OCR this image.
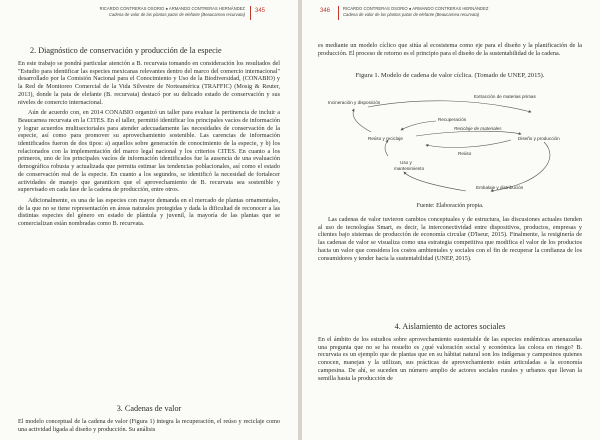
RICARDO CONTRERAS OSORIO ● ARMANDO CONTRERAS HERNÁNDEZ
Cadena de valor de las plantas patas de elefante (Beaucarnea recurvata)
345
2. Diagnóstico de conservación y producción de la especie

En este trabajo se pondrá particular atención a B. recurvata tomando en consideración los resultados del "Estudio para identificar las especies mexicanas relevantes dentro del marco del comercio internacional" desarrollado por la Comisión Nacional para el Conocimiento y Uso de la Biodiversidad, (CONABIO) y la Red de Monitoreo Comercial de la Vida Silvestre de Norteamérica (TRAFFIC) (Mosig & Reuter, 2013), donde la pata de elefante (B. recurvata) destacó por su delicado estado de conservación y sus niveles de comercio internacional.

Aún de acuerdo con, en 2014 CONABIO organizó un taller para evaluar la pertinencia de incluir a Beaucarnea recurvata en la CITES. En el taller, permitió identificar los principales vacíos de información y lograr acuerdos multisectoriales para atender adecuadamente las necesidades de conservación de la especie, así como para promover su aprovechamiento sostenible. Las carencias de información identificados fueron de dos tipos: a) aquellos sobre generación de conocimiento de la especie, y b) los relacionados con la implementación del marco legal nacional y los criterios CITES. En cuanto a los primeros, uno de los principales vacíos de información identificados fue la ausencia de una evaluación demográfica robusta y actualizada que permita estimar las tendencias poblacionales, así como el estado de conservación real de la especie. En cuanto a los segundos, se identificó la necesidad de fortalecer actividades de manejo que garanticen que el aprovechamiento de B. recurvata sea sostenible y supervisado en cada fase de la cadena de producción, entre otros.

Adicionalmente, es una de las especies con mayor demanda en el mercado de plantas ornamentales, de la que no se tiene representación en áreas naturales protegidas y dada la dificultad de reconocer a las distintas especies del género en estado de plántula y juvenil, la mayoría de las plantas que se comercializan están nombradas como B. recurvata.

3. Cadenas de valor

El modelo conceptual de la cadena de valor (Figura 1) integra la recuperación, el reúso y reciclaje como una actividad ligada al diseño y producción. Su análisis

346	RICARDO CONTRERAS OSORIO ● ARMANDO CONTRERAS HERNÁNDEZ
Cadena de valor de las plantas patas de elefante (Beaucarnea recurvata)

es mediante un modelo cíclico que sitúa al ecosistema como eje para el diseño y la planificación de la producción. El proceso de retorno es el principio para el diseño de la sustentabilidad de la cadena.

Figura 1. Modelo de cadena de valor cíclica. (Tomado de UNEP, 2015).
Incineración y disposición
Extracción de materias primas
Recuperación
Reúso y reciclaje
Reciclaje de materiales
Diseño y producción
Reúso
Uso y
mantenimiento
Embalaje y distribución
Fuente: Elaboración propia.

Las cadenas de valor tuvieron cambios conceptuales y de estructura, las discusiones actuales tienden al uso de tecnologías Smart, es decir, la interconectividad entre dispositivos, productos, empresas y clientes bajo sistemas de producción de economía circular (D'Iseur, 2015). Finalmente, la resiginería de las cadenas de valor se visualiza como una estrategia competitiva que modifica el valor de los productos hacia un valor que considera los costos ambientales y sociales con el fin de recuperar la confianza de los consumidores y tender hacia la sustentabilidad (UNEP, 2015).

4. Aislamiento de actores sociales

En el ámbito de los estudios sobre aprovechamiento sustentable de las especies endémicas amenazadas una pregunta que no se ha resuelto es ¿qué valoración social y económica las coloca en riesgo? B. recurvata es un ejemplo que de plantas que en su hábitat natural son los indígenas y campesinos quienes conocen, manejan y la utilizan, sus prácticas de aprovechamiento están articuladas a la economía campesina. De ahí, se suceden un número amplio de actores sociales rurales y urbanos que llevan la semilla hasta la producción de
